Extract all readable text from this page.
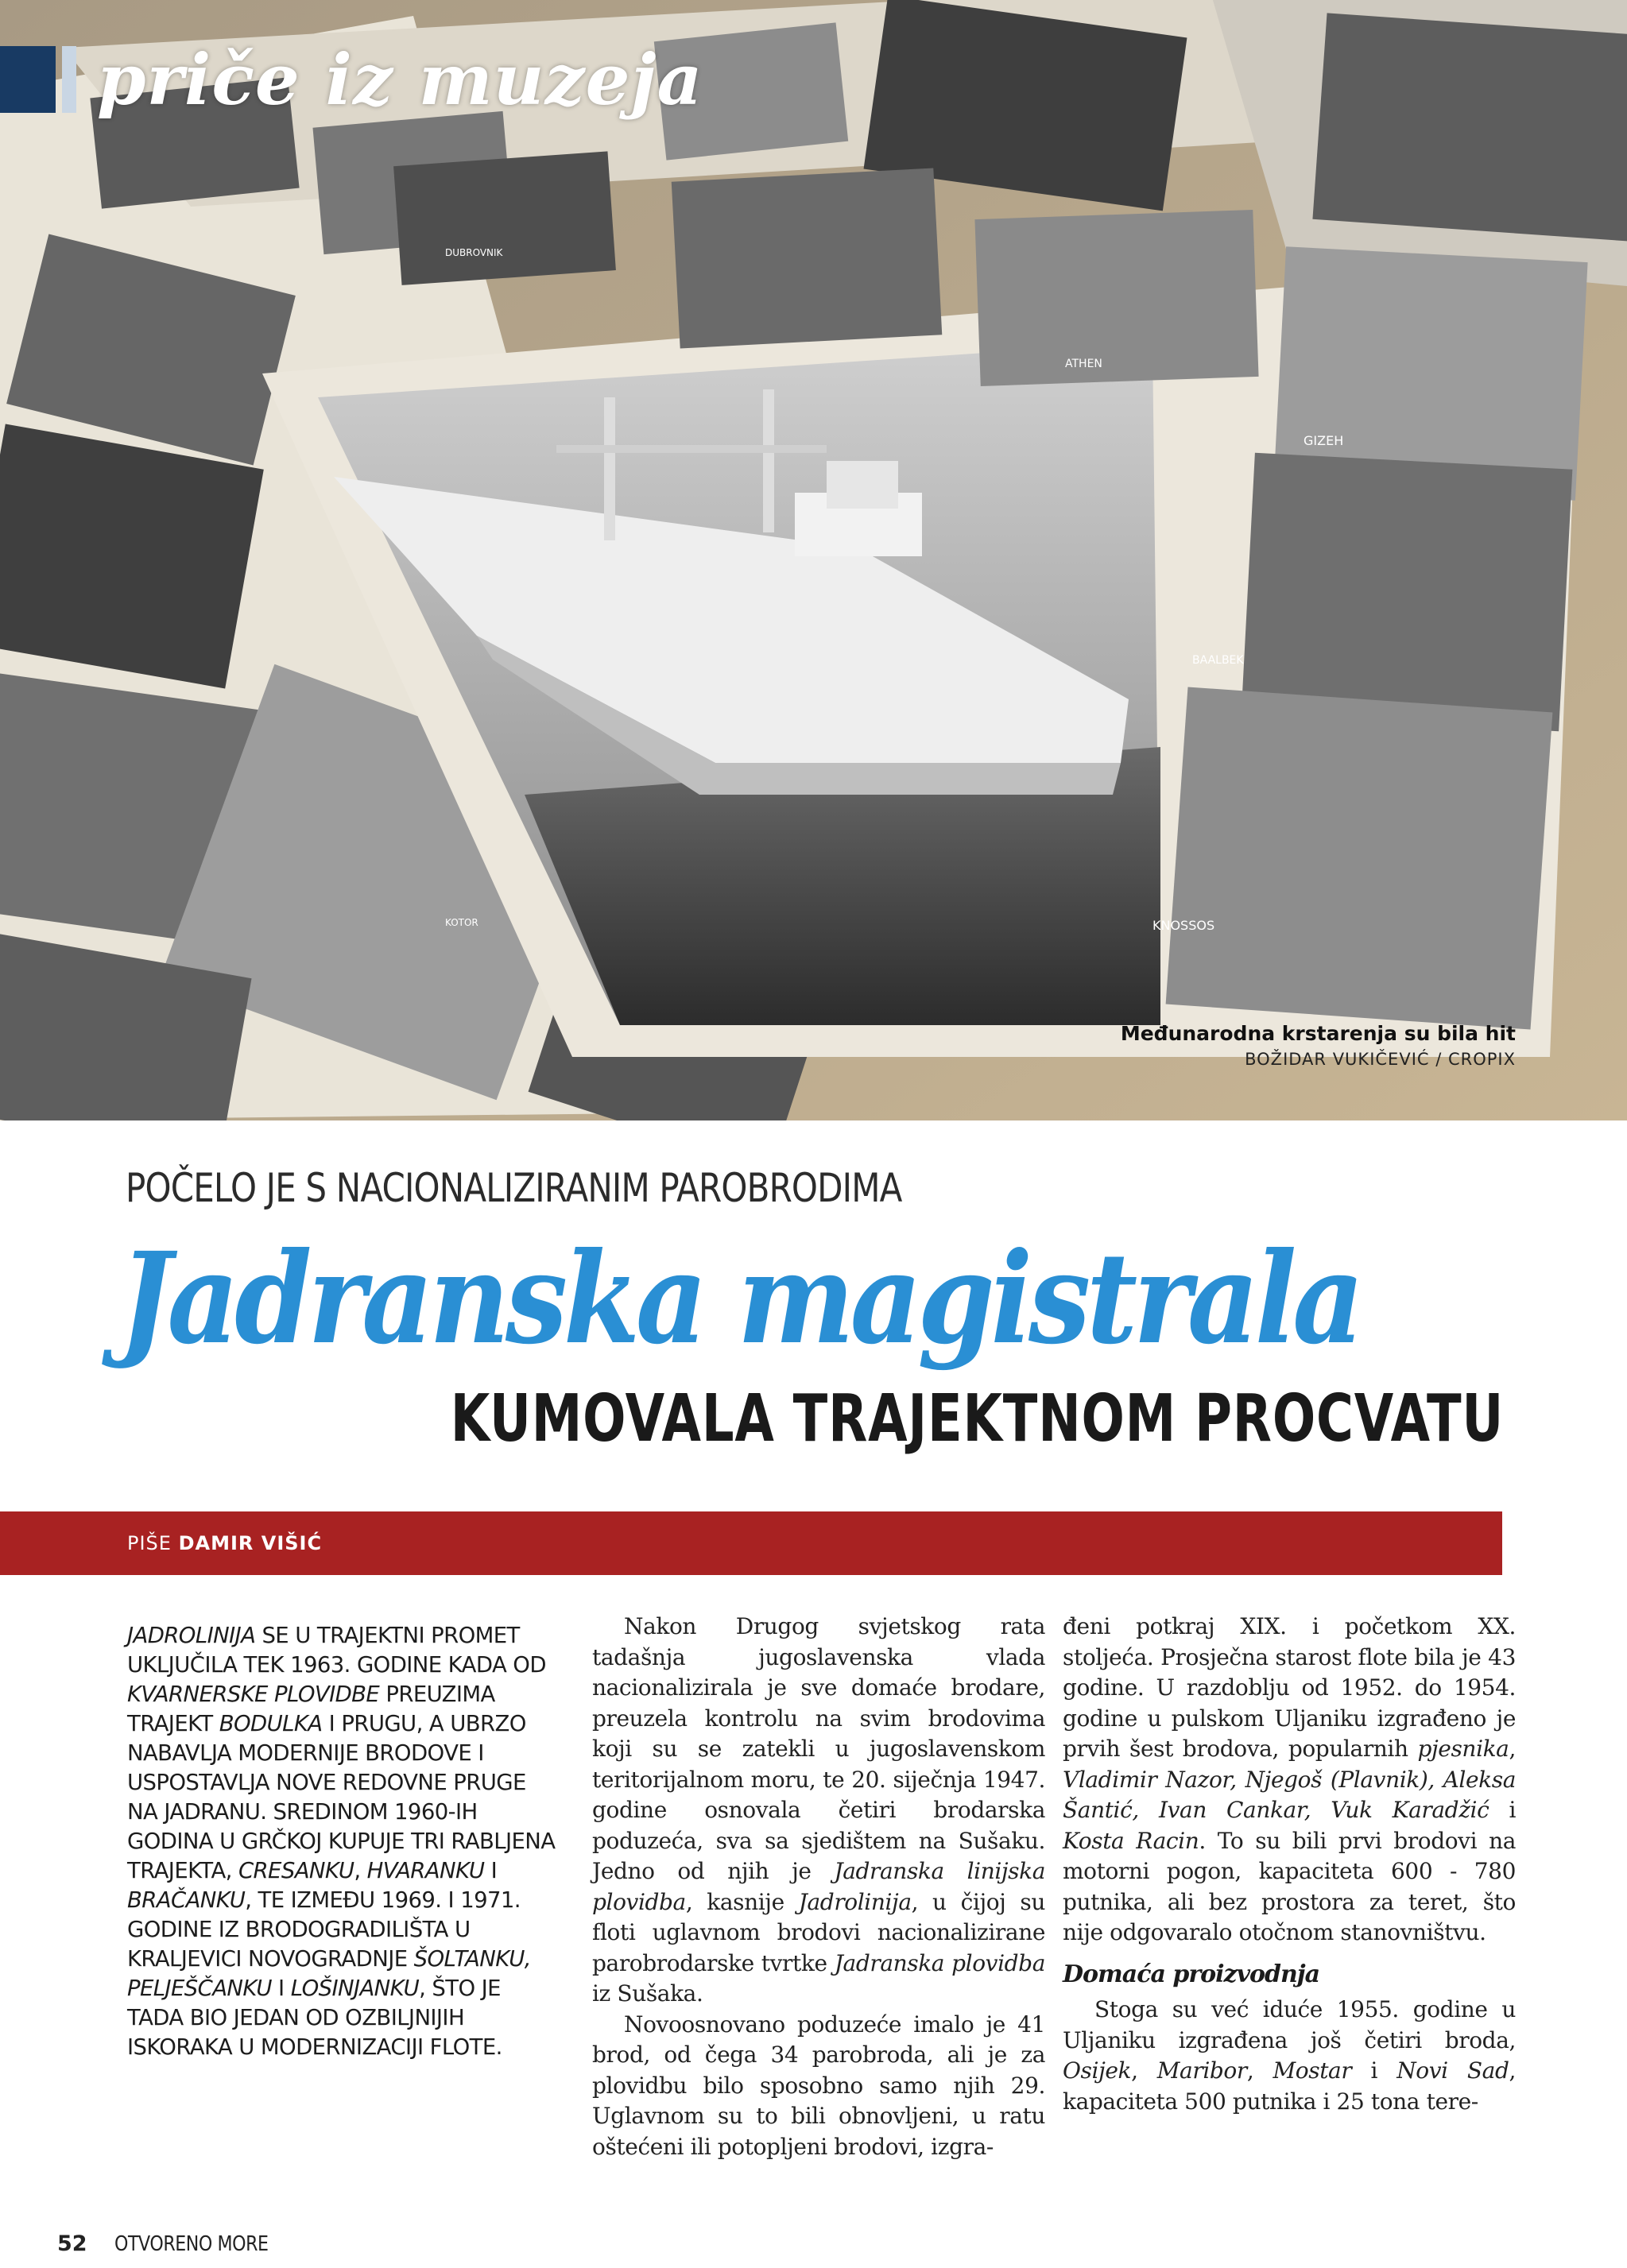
ATHEN
GIZEH
BAALBEK
KNOSSOS
DUBROVNIK
KOTOR
priče iz muzeja
Međunarodna krstarenja su bila hit
BOŽIDAR VUKIČEVIĆ / CROPIX
POČELO JE S NACIONALIZIRANIM PAROBRODIMA
Jadranska magistrala
KUMOVALA TRAJEKTNOM PROCVATU
PIŠE DAMIR VIŠIĆ

JADROLINIJA SE U TRAJEKTNI PROMET UKLJUČILA TEK 1963. GODINE KADA OD KVARNERSKE PLOVIDBE PREUZIMA TRAJEKT BODULKA I PRUGU, A UBRZO NABAVLJA MODERNIJE BRODOVE I USPOSTAVLJA NOVE REDOVNE PRUGE NA JADRANU. SREDINOM 1960-IH GODINA U GRČKOJ KUPUJE TRI RABLJENA TRAJEKTA, CRESANKU, HVARANKU I BRAČANKU, TE IZMEĐU 1969. I 1971. GODINE IZ BRODOGRADILIŠTA U KRALJEVICI NOVOGRADNJE ŠOLTANKU, PELJEŠČANKU I LOŠINJANKU, ŠTO JE TADA BIO JEDAN OD OZBILJNIJIH ISKORAKA U MODERNIZACIJI FLOTE.

Nakon Drugog svjetskog rata tadašnja jugoslavenska vlada nacionalizirala je sve domaće brodare, preuzela kontrolu na svim brodovima koji su se zatekli u jugoslavenskom teritorijalnom moru, te 20. siječnja 1947. godine osnovala četiri brodarska poduzeća, sva sa sjedištem na Sušaku. Jedno od njih je Jadranska linijska plovidba, kasnije Jadrolinija, u čijoj su floti uglavnom brodovi nacionalizirane parobrodarske tvrtke Jadranska plovidba iz Sušaka.

Novoosnovano poduzeće imalo je 41 brod, od čega 34 parobroda, ali je za plovidbu bilo sposobno samo njih 29. Uglavnom su to bili obnovljeni, u ratu oštećeni ili potopljeni brodovi, izgra-

đeni potkraj XIX. i početkom XX. stoljeća. Prosječna starost flote bila je 43 godine. U razdoblju od 1952. do 1954. godine u pulskom Uljaniku izgrađeno je prvih šest brodova, popularnih pjesnika, Vladimir Nazor, Njegoš (Plavnik), Aleksa Šantić, Ivan Cankar, Vuk Karadžić i Kosta Racin. To su bili prvi brodovi na motorni pogon, kapaciteta 600 - 780 putnika, ali bez prostora za teret, što nije odgovaralo otočnom stanovništvu.

Domaća proizvodnja

Stoga su već iduće 1955. godine u Uljaniku izgrađena još četiri broda, Osijek, Maribor, Mostar i Novi Sad, kapaciteta 500 putnika i 25 tona tere-

52 OTVORENO MORE
